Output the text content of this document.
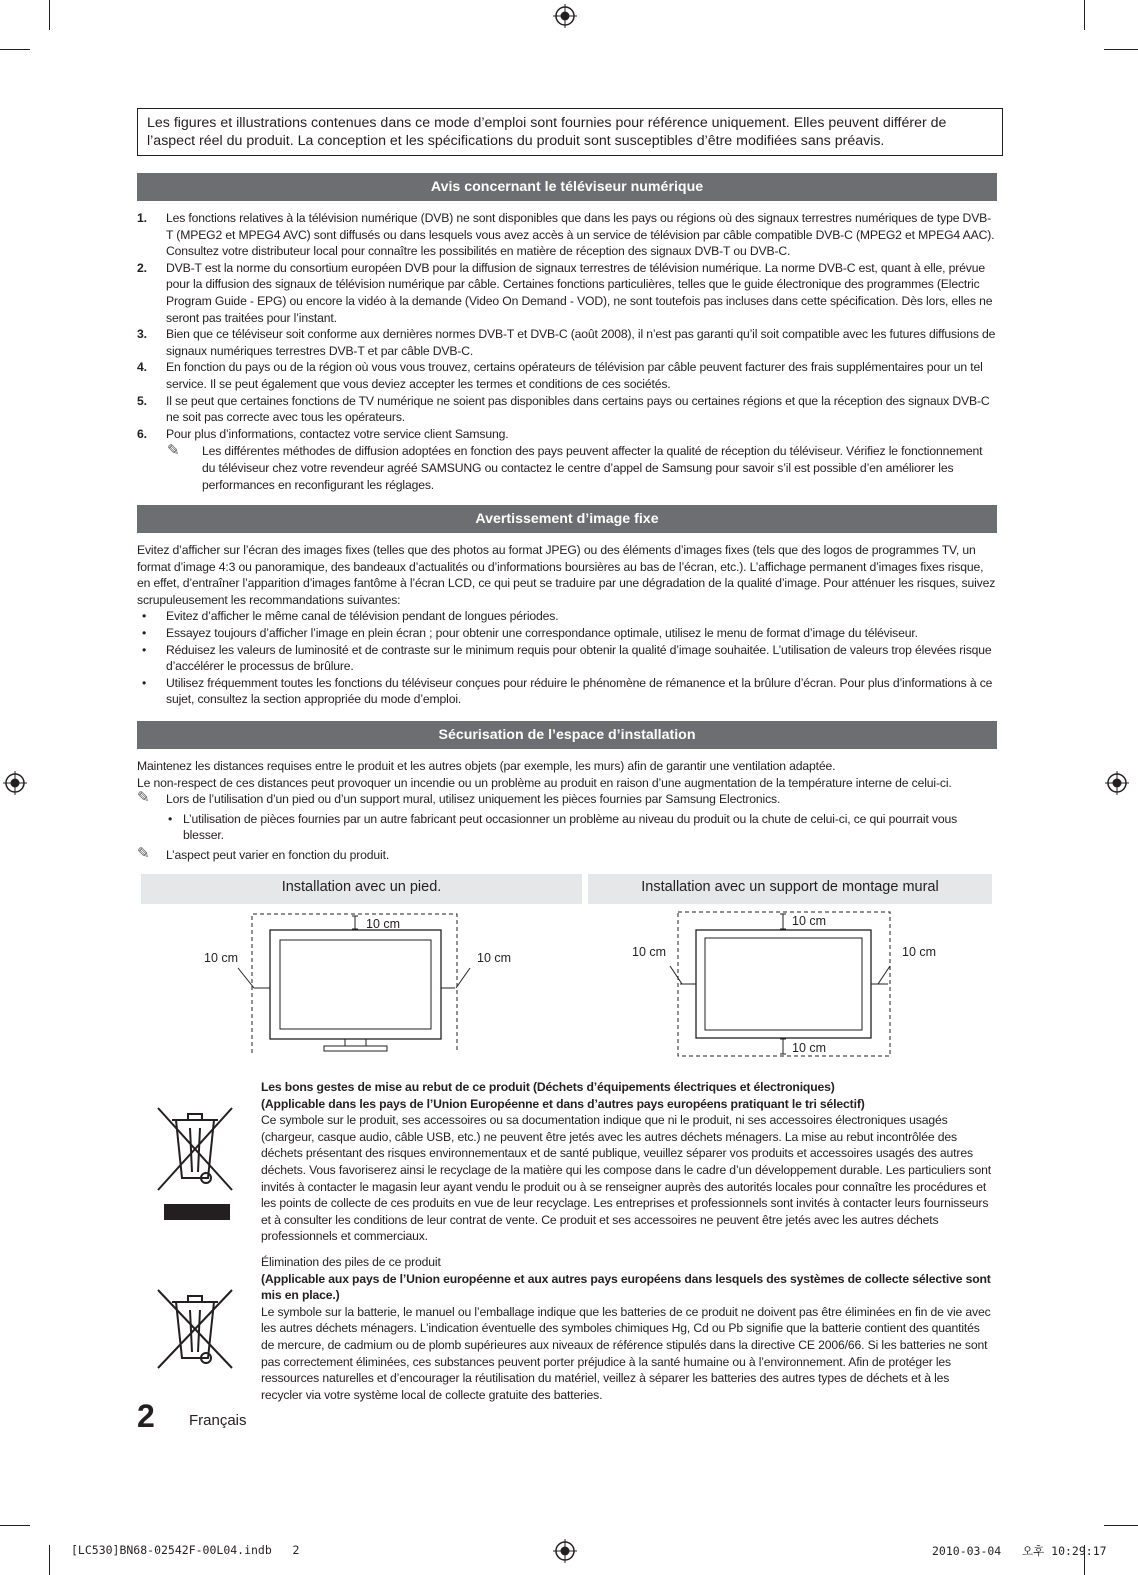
Les figures et illustrations contenues dans ce mode d’emploi sont fournies pour référence uniquement. Elles peuvent différer de l’aspect réel du produit. La conception et les spécifications du produit sont susceptibles d’être modifiées sans préavis.
Avis concernant le téléviseur numérique
1. Les fonctions relatives à la télévision numérique (DVB) ne sont disponibles que dans les pays ou régions où des signaux terrestres numériques de type DVB-T (MPEG2 et MPEG4 AVC) sont diffusés ou dans lesquels vous avez accès à un service de télévision par câble compatible DVB-C (MPEG2 et MPEG4 AAC). Consultez votre distributeur local pour connaître les possibilités en matière de réception des signaux DVB-T ou DVB-C.
2. DVB-T est la norme du consortium européen DVB pour la diffusion de signaux terrestres de télévision numérique. La norme DVB-C est, quant à elle, prévue pour la diffusion des signaux de télévision numérique par câble. Certaines fonctions particulières, telles que le guide électronique des programmes (Electric Program Guide - EPG) ou encore la vidéo à la demande (Video On Demand - VOD), ne sont toutefois pas incluses dans cette spécification. Dès lors, elles ne seront pas traitées pour l’instant.
3. Bien que ce téléviseur soit conforme aux dernières normes DVB-T et DVB-C (août 2008), il n’est pas garanti qu’il soit compatible avec les futures diffusions de signaux numériques terrestres DVB-T et par câble DVB-C.
4. En fonction du pays ou de la région où vous vous trouvez, certains opérateurs de télévision par câble peuvent facturer des frais supplémentaires pour un tel service. Il se peut également que vous deviez accepter les termes et conditions de ces sociétés.
5. Il se peut que certaines fonctions de TV numérique ne soient pas disponibles dans certains pays ou certaines régions et que la réception des signaux DVB-C ne soit pas correcte avec tous les opérateurs.
6. Pour plus d’informations, contactez votre service client Samsung.
✎ Les différentes méthodes de diffusion adoptées en fonction des pays peuvent affecter la qualité de réception du téléviseur. Vérifiez le fonctionnement du téléviseur chez votre revendeur agréé SAMSUNG ou contactez le centre d’appel de Samsung pour savoir s’il est possible d’en améliorer les performances en reconfigurant les réglages.
Avertissement d’image fixe
Evitez d’afficher sur l’écran des images fixes (telles que des photos au format JPEG) ou des éléments d’images fixes (tels que des logos de programmes TV, un format d’image 4:3 ou panoramique, des bandeaux d’actualités ou d’informations boursières au bas de l’écran, etc.). L’affichage permanent d’images fixes risque, en effet, d’entraîner l’apparition d’images fantôme à l’écran LCD, ce qui peut se traduire par une dégradation de la qualité d’image. Pour atténuer les risques, suivez scrupuleusement les recommandations suivantes:
• Evitez d’afficher le même canal de télévision pendant de longues périodes.
• Essayez toujours d’afficher l’image en plein écran ; pour obtenir une correspondance optimale, utilisez le menu de format d’image du téléviseur.
• Réduisez les valeurs de luminosité et de contraste sur le minimum requis pour obtenir la qualité d’image souhaitée. L’utilisation de valeurs trop élevées risque d’accélérer le processus de brûlure.
• Utilisez fréquemment toutes les fonctions du téléviseur conçues pour réduire le phénomène de rémanence et la brûlure d’écran. Pour plus d’informations à ce sujet, consultez la section appropriée du mode d’emploi.
Sécurisation de l’espace d’installation
Maintenez les distances requises entre le produit et les autres objets (par exemple, les murs) afin de garantir une ventilation adaptée.
Le non-respect de ces distances peut provoquer un incendie ou un problème au produit en raison d’une augmentation de la température interne de celui-ci.
✎ Lors de l’utilisation d’un pied ou d’un support mural, utilisez uniquement les pièces fournies par Samsung Electronics.
• L’utilisation de pièces fournies par un autre fabricant peut occasionner un problème au niveau du produit ou la chute de celui-ci, ce qui pourrait vous blesser.
✎ L’aspect peut varier en fonction du produit.
Installation avec un pied.	Installation avec un support de montage mural
10 cm
10 cm	10 cm
10 cm
10 cm	10 cm
10 cm
Les bons gestes de mise au rebut de ce produit (Déchets d’équipements électriques et électroniques)
(Applicable dans les pays de l’Union Européenne et dans d’autres pays européens pratiquant le tri sélectif)
Ce symbole sur le produit, ses accessoires ou sa documentation indique que ni le produit, ni ses accessoires électroniques usagés (chargeur, casque audio, câble USB, etc.) ne peuvent être jetés avec les autres déchets ménagers. La mise au rebut incontrôlée des déchets présentant des risques environnementaux et de santé publique, veuillez séparer vos produits et accessoires usagés des autres déchets. Vous favoriserez ainsi le recyclage de la matière qui les compose dans le cadre d’un développement durable. Les particuliers sont invités à contacter le magasin leur ayant vendu le produit ou à se renseigner auprès des autorités locales pour connaître les procédures et les points de collecte de ces produits en vue de leur recyclage. Les entreprises et professionnels sont invités à contacter leurs fournisseurs et à consulter les conditions de leur contrat de vente. Ce produit et ses accessoires ne peuvent être jetés avec les autres déchets professionnels et commerciaux.
Élimination des piles de ce produit
(Applicable aux pays de l’Union européenne et aux autres pays européens dans lesquels des systèmes de collecte sélective sont mis en place.)
Le symbole sur la batterie, le manuel ou l’emballage indique que les batteries de ce produit ne doivent pas être éliminées en fin de vie avec les autres déchets ménagers. L’indication éventuelle des symboles chimiques Hg, Cd ou Pb signifie que la batterie contient des quantités de mercure, de cadmium ou de plomb supérieures aux niveaux de référence stipulés dans la directive CE 2006/66. Si les batteries ne sont pas correctement éliminées, ces substances peuvent porter préjudice à la santé humaine ou à l’environnement. Afin de protéger les ressources naturelles et d’encourager la réutilisation du matériel, veillez à séparer les batteries des autres types de déchets et à les recycler via votre système local de collecte gratuite des batteries.
2 Français
[LC530]BN68-02542F-00L04.indb   2	2010-03-04   오후 10:29:17
